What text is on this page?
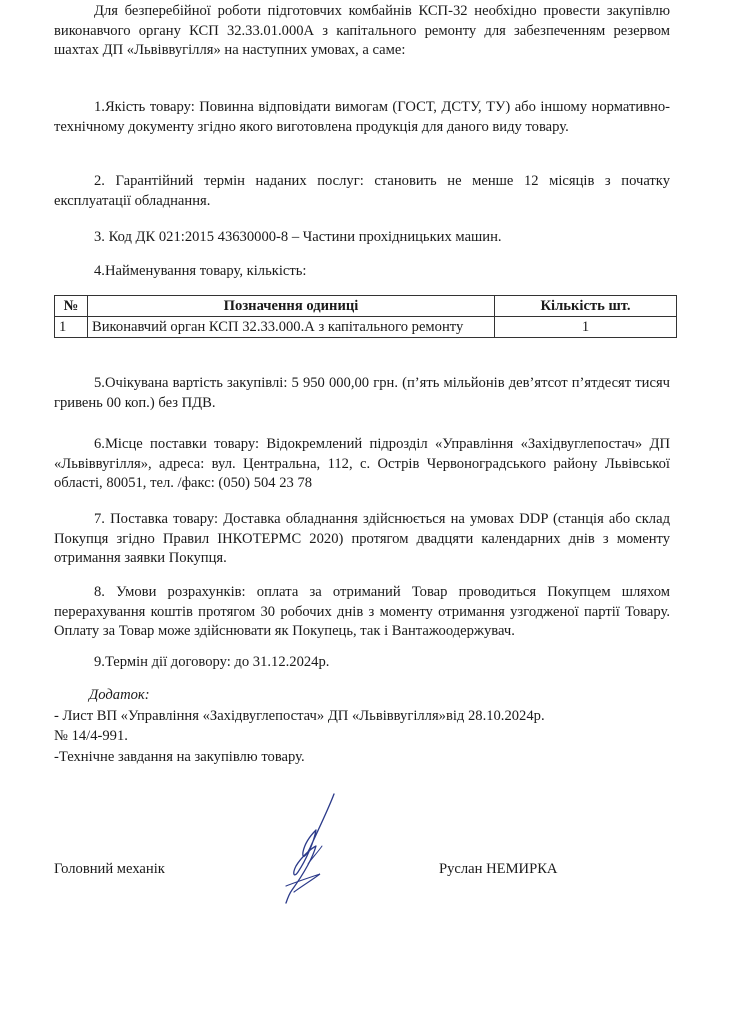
Для безперебійної роботи підготовчих комбайнів КСП-32 необхідно провести закупівлю виконавчого органу КСП 32.33.01.000А з капітального ремонту для забезпеченням резервом шахтах ДП «Львіввугілля» на наступних умовах, а саме:

1.Якість товару: Повинна відповідати вимогам (ГОСТ, ДСТУ, ТУ) або іншому нормативно-технічному документу згідно якого виготовлена продукція для даного виду товару.

2. Гарантійний термін наданих послуг: становить не менше 12 місяців з початку експлуатації обладнання.

3. Код ДК 021:2015 43630000-8 – Частини прохідницьких машин.

4.Найменування товару, кількість:

№	Позначення одиниці	Кількість шт.
1	Виконавчий орган КСП 32.33.000.А з капітального ремонту	1

5.Очікувана вартість закупівлі: 5 950 000,00 грн. (п’ять мільйонів дев’ятсот п’ятдесят тисяч гривень 00 коп.) без ПДВ.

6.Місце поставки товару: Відокремлений підрозділ «Управління «Західвуглепостач» ДП «Львіввугілля», адреса: вул. Центральна, 112, с. Острів Червоноградського району Львівської області, 80051, тел. /факс: (050) 504 23 78

7. Поставка товару: Доставка обладнання здійснюється на умовах DDP (станція або склад Покупця згідно Правил ІНКОТЕРМС 2020) протягом двадцяти календарних днів з моменту отримання заявки Покупця.

8. Умови розрахунків: оплата за отриманий Товар проводиться Покупцем шляхом перерахування коштів протягом 30 робочих днів з моменту отримання узгодженої партії Товару. Оплату за Товар може здійснювати як Покупець, так і Вантажоодержувач.

9.Термін дії договору: до 31.12.2024р.

Додаток:
- Лист ВП «Управління «Західвуглепостач» ДП «Львіввугілля»від 28.10.2024р.
№ 14/4-991.
-Технічне завдання на закупівлю товару.
Головний механік	Руслан НЕМИРКА
